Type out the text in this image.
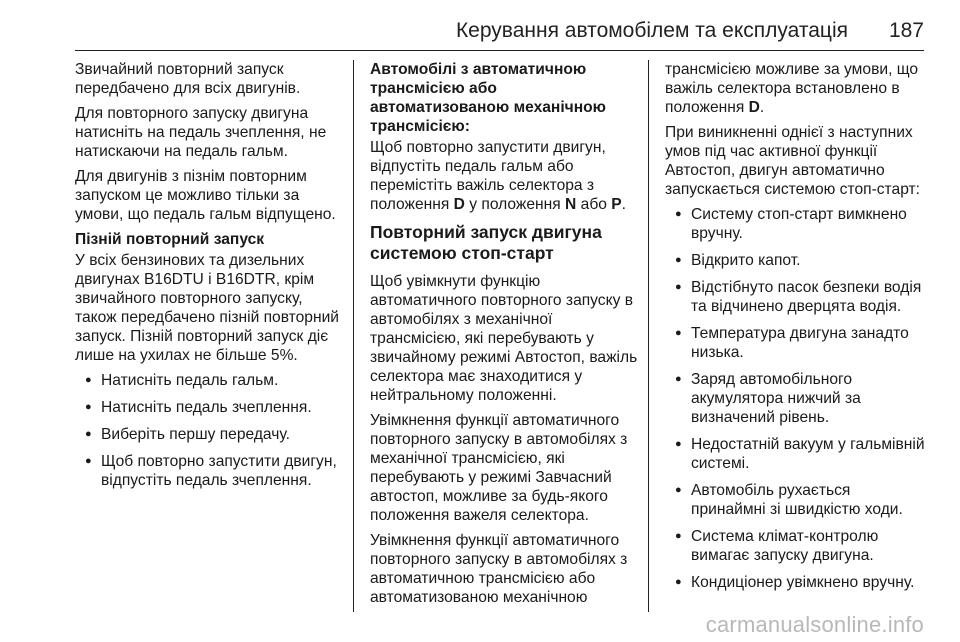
Керування автомобілем та експлуатація 187

Звичайний повторний запуск передбачено для всіх двигунів.

Для повторного запуску двигуна натисніть на педаль зчеплення, не натискаючи на педаль гальм.

Для двигунів з пізнім повторним запуском це можливо тільки за умови, що педаль гальм відпущено.

Пізній повторний запуск

У всіх бензинових та дизельних двигунах B16DTU і B16DTR, крім звичайного повторного запуску, також передбачено пізній повторний запуск. Пізній повторний запуск діє лише на ухилах не більше 5%.

● Натисніть педаль гальм.
● Натисніть педаль зчеплення.
● Виберіть першу передачу.
● Щоб повторно запустити двигун, відпустіть педаль зчеплення.

Автомобілі з автоматичною трансмісією або автоматизованою механічною трансмісією:

Щоб повторно запустити двигун, відпустіть педаль гальм або перемістіть важіль селектора з положення D у положення N або P.

Повторний запуск двигуна системою стоп-старт

Щоб увімкнути функцію автоматичного повторного запуску в автомобілях з механічної трансмісією, які перебувають у звичайному режимі Автостоп, важіль селектора має знаходитися у нейтральному положенні.

Увімкнення функції автоматичного повторного запуску в автомобілях з механічної трансмісією, які перебувають у режимі Завчасний автостоп, можливе за будь-якого положення важеля селектора.

Увімкнення функції автоматичного повторного запуску в автомобілях з автоматичною трансмісією або автоматизованою механічною

трансмісією можливе за умови, що важіль селектора встановлено в положення D.

При виникненні однієї з наступних умов під час активної функції Автостоп, двигун автоматично запускається системою стоп-старт:

● Систему стоп-старт вимкнено вручну.
● Відкрито капот.
● Відстібнуто пасок безпеки водія та відчинено дверцята водія.
● Температура двигуна занадто низька.
● Заряд автомобільного акумулятора нижчий за визначений рівень.
● Недостатній вакуум у гальмівній системі.
● Автомобіль рухається принаймні зі швидкістю ходи.
● Система клімат-контролю вимагає запуску двигуна.
● Кондиціонер увімкнено вручну.
carmanualsonline.info
